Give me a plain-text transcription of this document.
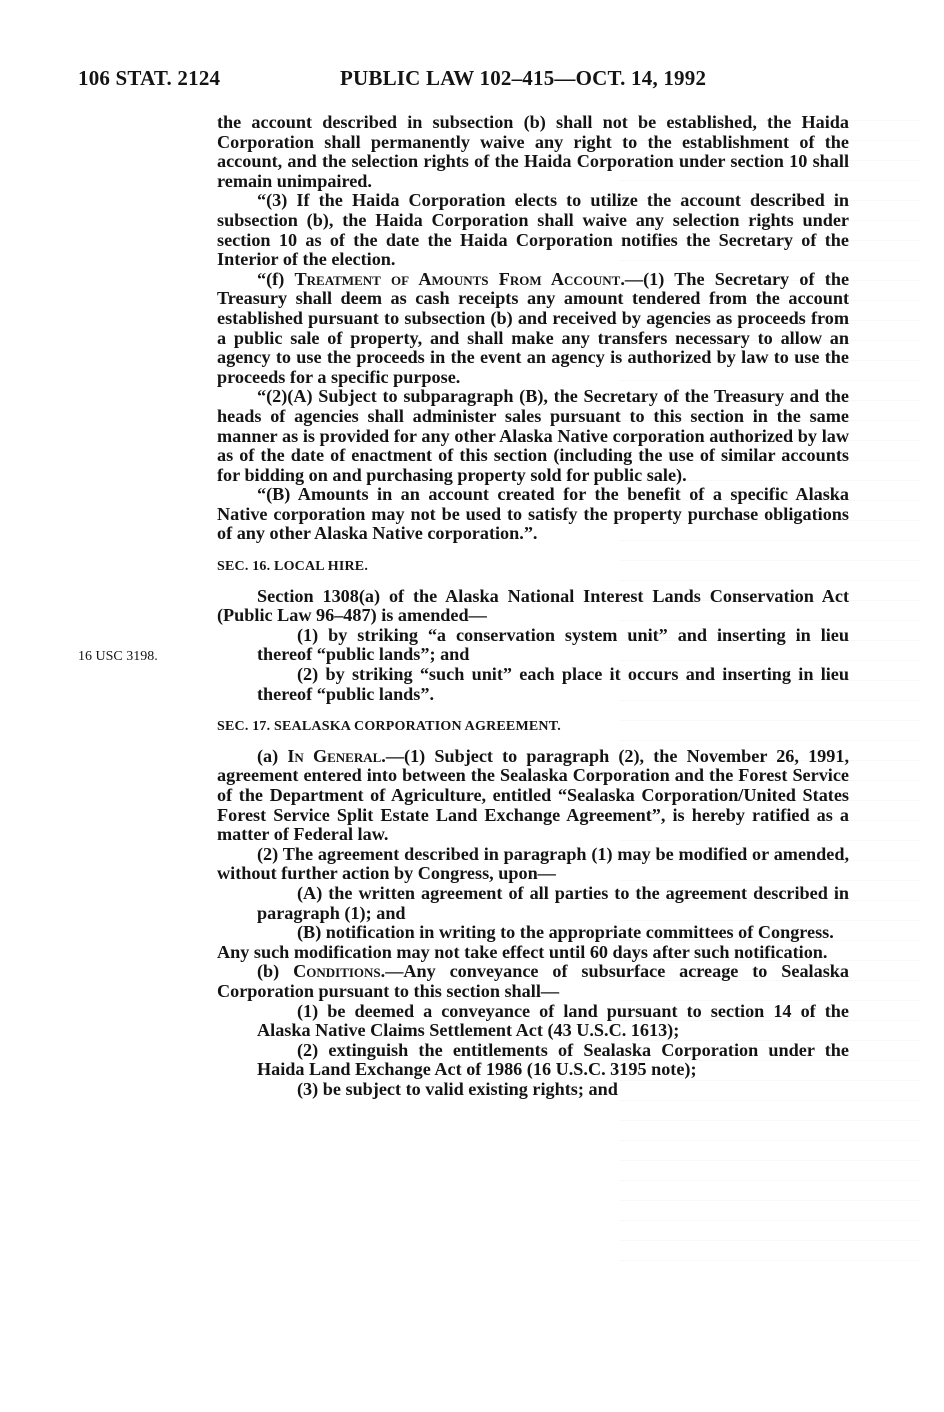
106 STAT. 2124	PUBLIC LAW 102–415—OCT. 14, 1992
16 USC 3198.

the account described in subsection (b) shall not be established, the Haida Corporation shall permanently waive any right to the establishment of the account, and the selection rights of the Haida Corporation under section 10 shall remain unimpaired.

“(3) If the Haida Corporation elects to utilize the account described in subsection (b), the Haida Corporation shall waive any selection rights under section 10 as of the date the Haida Corporation notifies the Secretary of the Interior of the election.

“(f) Treatment of Amounts From Account.—(1) The Secretary of the Treasury shall deem as cash receipts any amount tendered from the account established pursuant to subsection (b) and received by agencies as proceeds from a public sale of property, and shall make any transfers necessary to allow an agency to use the proceeds in the event an agency is authorized by law to use the proceeds for a specific purpose.

“(2)(A) Subject to subparagraph (B), the Secretary of the Treasury and the heads of agencies shall administer sales pursuant to this section in the same manner as is provided for any other Alaska Native corporation authorized by law as of the date of enactment of this section (including the use of similar accounts for bidding on and purchasing property sold for public sale).

“(B) Amounts in an account created for the benefit of a specific Alaska Native corporation may not be used to satisfy the property purchase obligations of any other Alaska Native corporation.”.

SEC. 16. LOCAL HIRE.

Section 1308(a) of the Alaska National Interest Lands Conservation Act (Public Law 96–487) is amended—

(1) by striking “a conservation system unit” and inserting in lieu thereof “public lands”; and

(2) by striking “such unit” each place it occurs and inserting in lieu thereof “public lands”.

SEC. 17. SEALASKA CORPORATION AGREEMENT.

(a) In General.—(1) Subject to paragraph (2), the November 26, 1991, agreement entered into between the Sealaska Corporation and the Forest Service of the Department of Agriculture, entitled “Sealaska Corporation/United States Forest Service Split Estate Land Exchange Agreement”, is hereby ratified as a matter of Federal law.

(2) The agreement described in paragraph (1) may be modified or amended, without further action by Congress, upon—

(A) the written agreement of all parties to the agreement described in paragraph (1); and

(B) notification in writing to the appropriate committees of Congress.

Any such modification may not take effect until 60 days after such notification.

(b) Conditions.—Any conveyance of subsurface acreage to Sealaska Corporation pursuant to this section shall—

(1) be deemed a conveyance of land pursuant to section 14 of the Alaska Native Claims Settlement Act (43 U.S.C. 1613);

(2) extinguish the entitlements of Sealaska Corporation under the Haida Land Exchange Act of 1986 (16 U.S.C. 3195 note);

(3) be subject to valid existing rights; and
